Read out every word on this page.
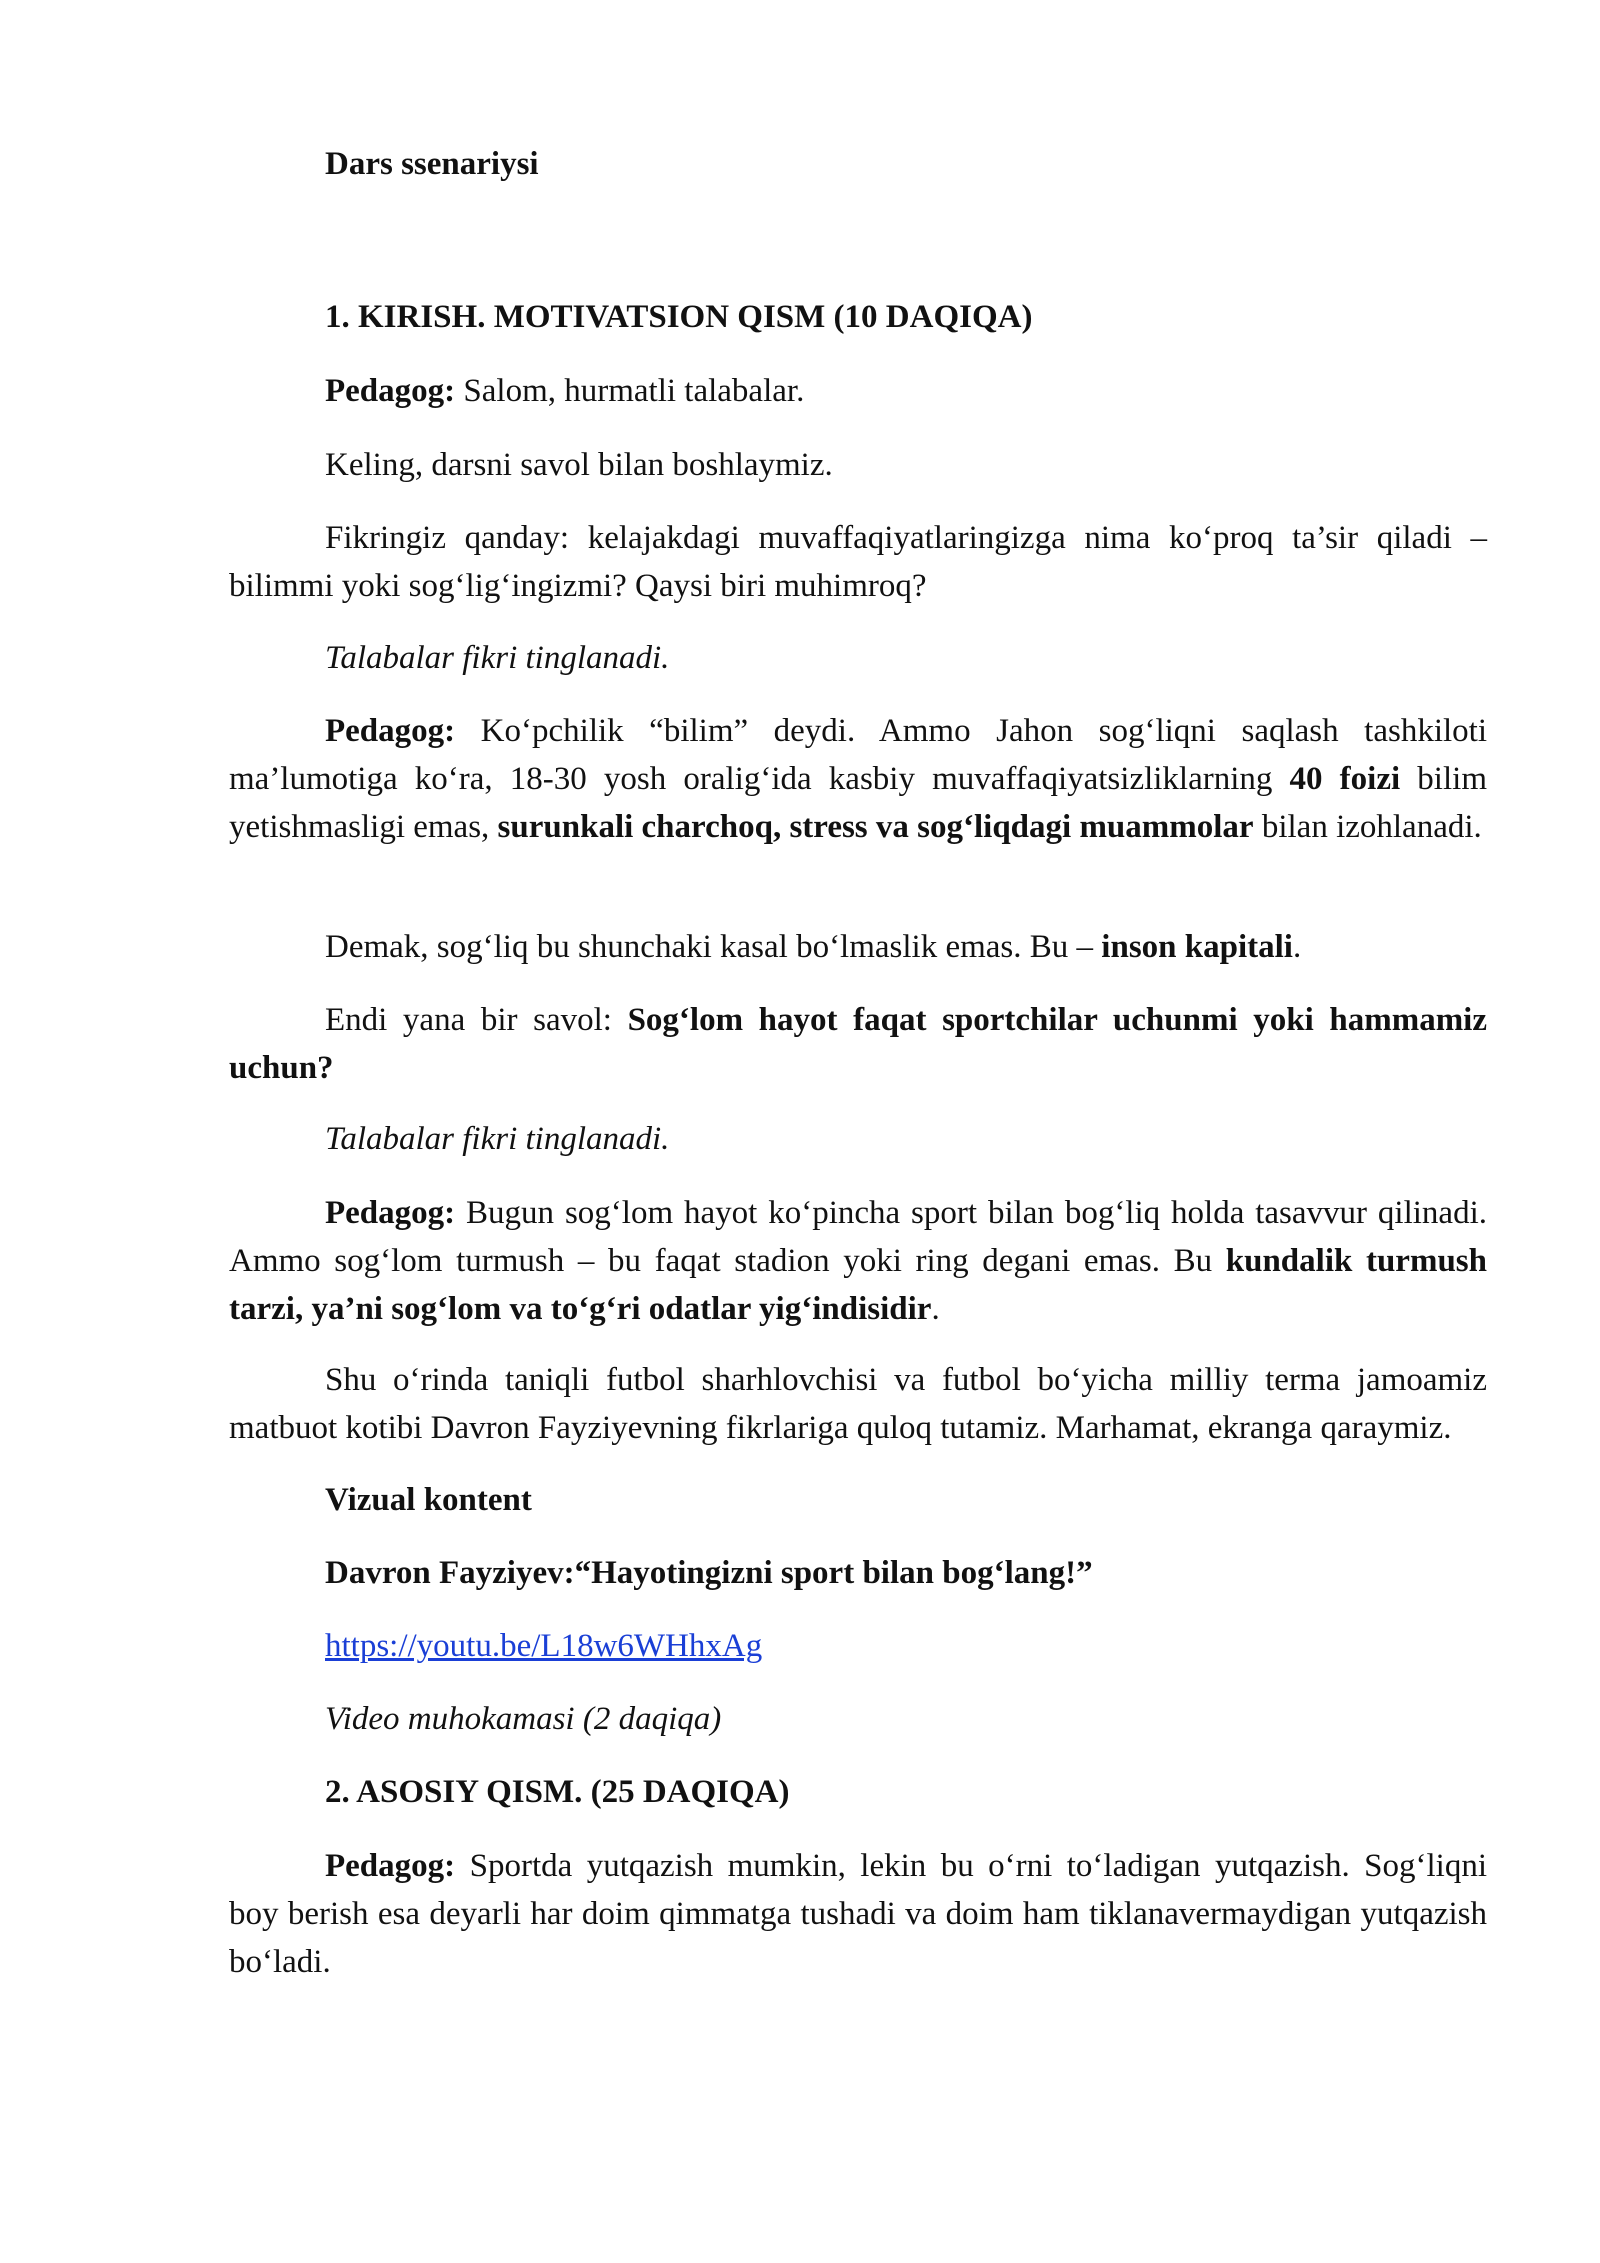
Dars ssenariysi

1. KIRISH. MOTIVATSION QISM (10 DAQIQA)

Pedagog: Salom, hurmatli talabalar.

Keling, darsni savol bilan boshlaymiz.

Fikringiz qanday: kelajakdagi muvaffaqiyatlaringizga nima ko‘proq ta’sir qiladi – bilimmi yoki sog‘lig‘ingizmi? Qaysi biri muhimroq?

Talabalar fikri tinglanadi.

Pedagog: Ko‘pchilik “bilim” deydi. Ammo Jahon sog‘liqni saqlash tashkiloti ma’lumotiga ko‘ra, 18-30 yosh oralig‘ida kasbiy muvaffaqiyatsizliklarning 40 foizi bilim yetishmasligi emas, surunkali charchoq, stress va sog‘liqdagi muammolar bilan izohlanadi.

Demak, sog‘liq bu shunchaki kasal bo‘lmaslik emas. Bu – inson kapitali.

Endi yana bir savol: Sog‘lom hayot faqat sportchilar uchunmi yoki hammamiz uchun?

Talabalar fikri tinglanadi.

Pedagog: Bugun sog‘lom hayot ko‘pincha sport bilan bog‘liq holda tasavvur qilinadi. Ammo sog‘lom turmush – bu faqat stadion yoki ring degani emas. Bu kundalik turmush tarzi, ya’ni sog‘lom va to‘g‘ri odatlar yig‘indisidir.

Shu o‘rinda taniqli futbol sharhlovchisi va futbol bo‘yicha milliy terma jamoamiz matbuot kotibi Davron Fayziyevning fikrlariga quloq tutamiz. Marhamat, ekranga qaraymiz.

Vizual kontent

Davron Fayziyev:“Hayotingizni sport bilan bog‘lang!”

https://youtu.be/L18w6WHhxAg

Video muhokamasi (2 daqiqa)

2. ASOSIY QISM. (25 DAQIQA)

Pedagog: Sportda yutqazish mumkin, lekin bu o‘rni to‘ladigan yutqazish. Sog‘liqni boy berish esa deyarli har doim qimmatga tushadi va doim ham tiklanavermaydigan yutqazish bo‘ladi.
